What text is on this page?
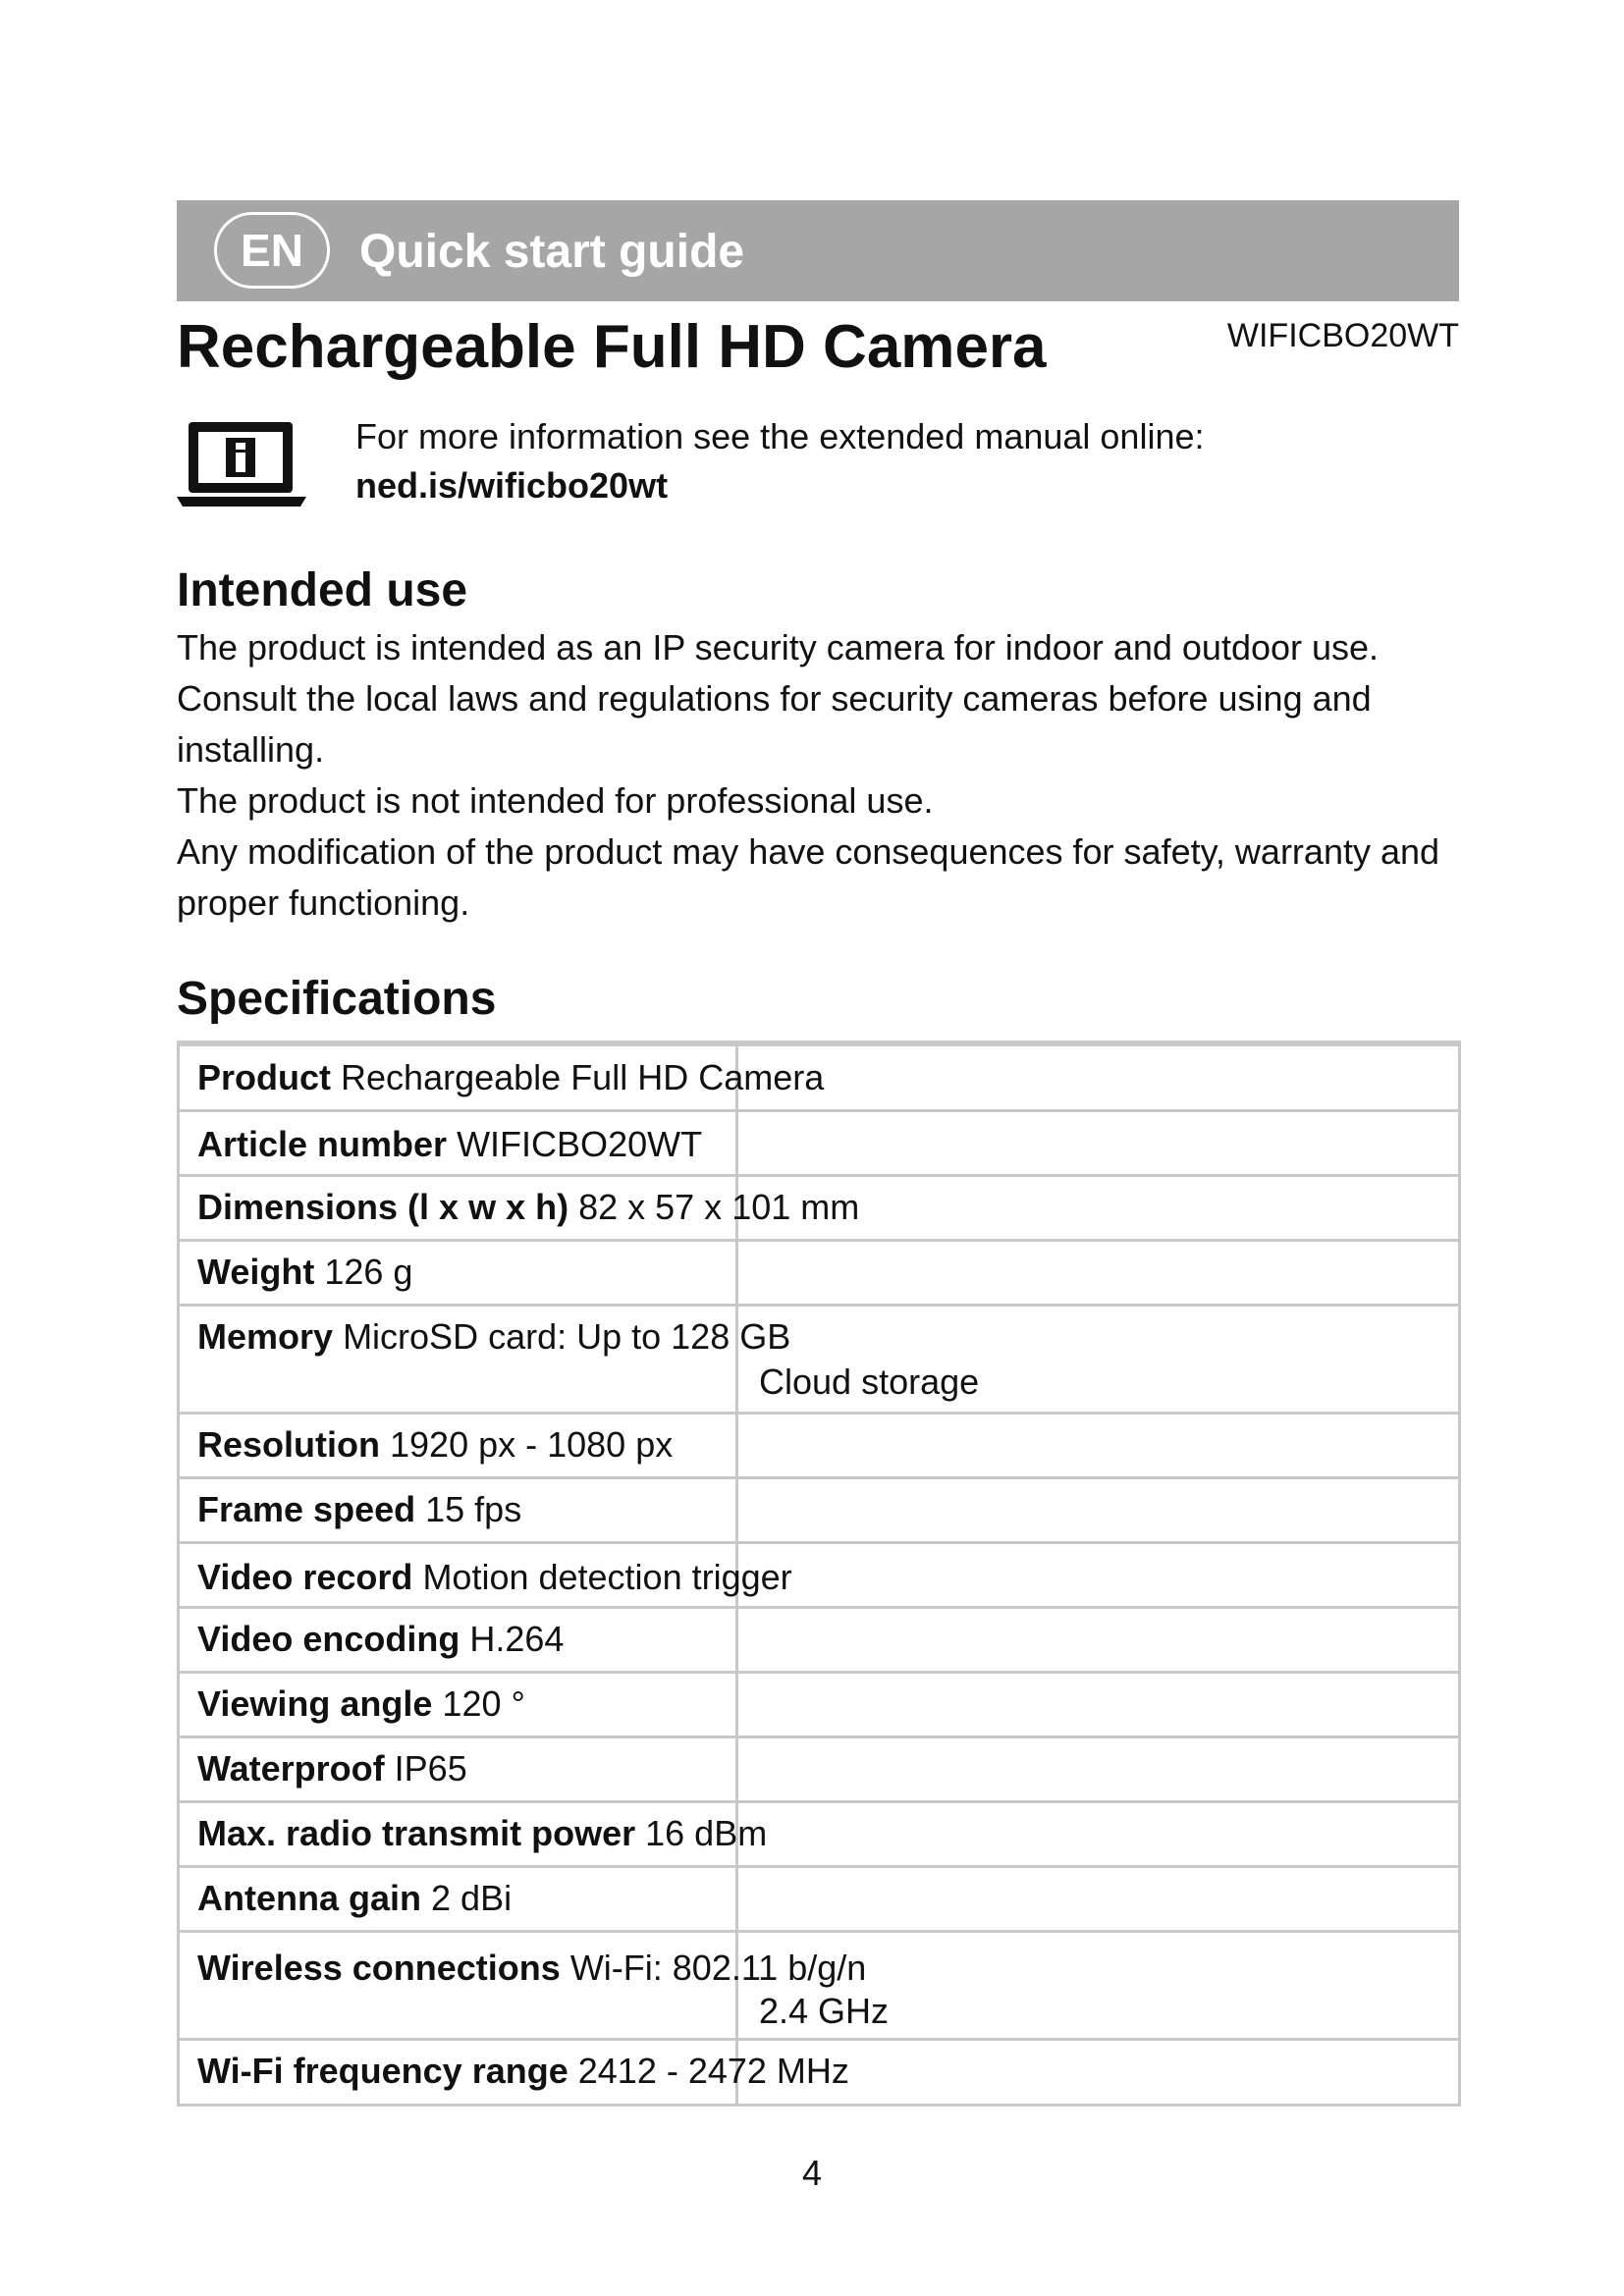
EN	Quick start guide
Rechargeable Full HD Camera	WIFICBO20WT
For more information see the extended manual online:
ned.is/wificbo20wt
Intended use

The product is intended as an IP security camera for indoor and outdoor use. Consult the local laws and regulations for security cameras before using and installing.

The product is not intended for professional use.

Any modification of the product may have consequences for safety, warranty and proper functioning.

Specifications
Product Rechargeable Full HD Camera
Article number WIFICBO20WT
Dimensions (l x w x h) 82 x 57 x 101 mm
Weight 126 g
Memory MicroSD card: Up to 128 GB
Cloud storage
Resolution 1920 px - 1080 px
Frame speed 15 fps
Video record Motion detection trigger
Video encoding H.264
Viewing angle 120 °
Waterproof IP65
Max. radio transmit power 16 dBm
Antenna gain 2 dBi
Wireless connections Wi-Fi: 802.11 b/g/n
2.4 GHz
Wi-Fi frequency range 2412 - 2472 MHz
4
